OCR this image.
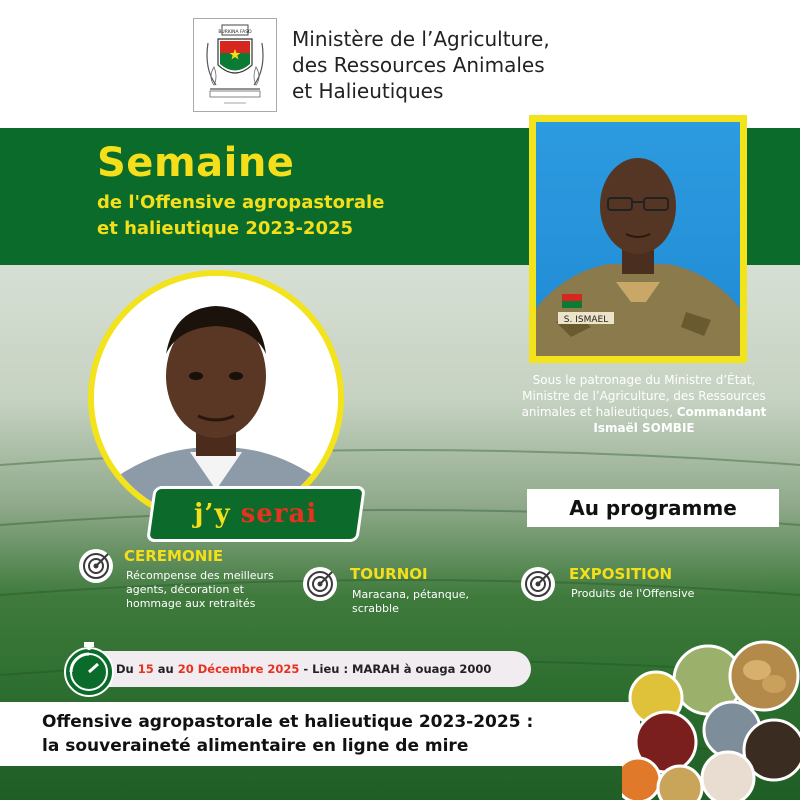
BURKINA FASO Ministère de l’Agriculture,
des Ressources Animales
et Halieutiques
Semaine
de l'Offensive agropastorale
et halieutique 2023-2025
S. ISMAEL
Sous le patronage du Ministre d’État,
Ministre de l’Agriculture, des Ressources
animales et halieutiques, Commandant
Ismaël SOMBIE
j’y serai	Au programme
CEREMONIE
Récompense des meilleurs
agents, décoration et
hommage aux retraités
TOURNOI
Maracana, pétanque,
scrabble
EXPOSITION
Produits de l'Offensive
Du 15 au 20 Décembre 2025 - Lieu : MARAH à ouaga 2000
Offensive agropastorale et halieutique 2023-2025 :
la souveraineté alimentaire en ligne de mire
